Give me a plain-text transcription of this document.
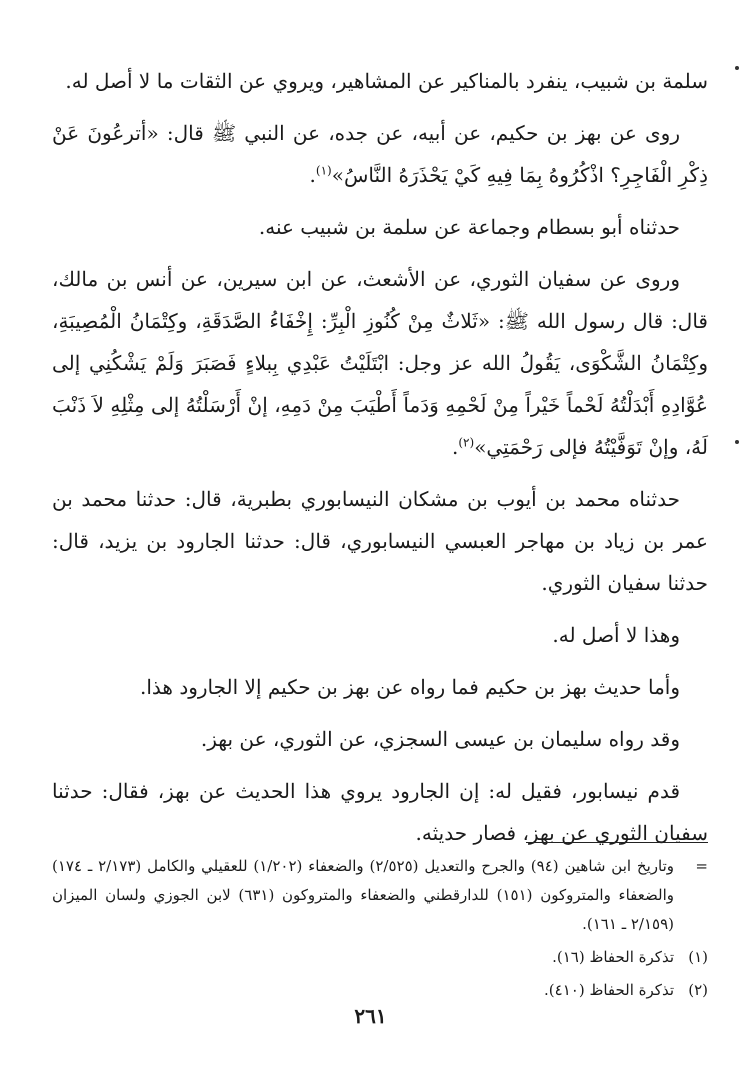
سلمة بن شبيب، ينفرد بالمناكير عن المشاهير، ويروي عن الثقات ما لا أصل له.

روى عن بهز بن حكيم، عن أبيه، عن جده، عن النبي ﷺ قال: «أترعُونَ عَنْ ذِكْرِ الْفَاجِرِ؟ اذْكُرُوهُ بِمَا فِيهِ كَيْ يَحْذَرَهُ النَّاسُ»$^{(١)}$.

حدثناه أبو بسطام وجماعة عن سلمة بن شبيب عنه.

وروى عن سفيان الثوري، عن الأشعث، عن ابن سيرين، عن أنس بن مالك، قال: قال رسول الله ﷺ: «ثَلاثٌ مِنْ كُنُوزِ الْبِرِّ: إِخْفَاءُ الصَّدَقَةِ، وكِتْمَانُ الْمُصِيبَةِ، وكِتْمَانُ الشَّكْوَى، يَقُولُ الله عز وجل: ابْتَلَيْتُ عَبْدِي بِبلاءٍ فَصَبَرَ وَلَمْ يَشْكُنِي إلى عُوَّادِهِ أَبْدَلْتُهُ لَحْماً خَيْراً مِنْ لَحْمِهِ وَدَماً أَطْيَبَ مِنْ دَمِهِ، إنْ أَرْسَلْتُهُ إلى مِثْلِهِ لاَ ذَنْبَ لَهُ، وإنْ تَوَفَّيْتُهُ فإلى رَحْمَتِي»$^{(٢)}$.

حدثناه محمد بن أيوب بن مشكان النيسابوري بطبرية، قال: حدثنا محمد بن عمر بن زياد بن مهاجر العبسي النيسابوري، قال: حدثنا الجارود بن يزيد، قال: حدثنا سفيان الثوري.

وهذا لا أصل له.

وأما حديث بهز بن حكيم فما رواه عن بهز بن حكيم إلا الجارود هذا.

وقد رواه سليمان بن عيسى السجزي، عن الثوري، عن بهز.

قدم نيسابور، فقيل له: إن الجارود يروي هذا الحديث عن بهز، فقال: حدثنا سفيان الثوري عن بهز، فصار حديثه.

=
وتاريخ ابن شاهين (٩٤) والجرح والتعديل (٢/٥٢٥) والضعفاء (١/٢٠٢) للعقيلي والكامل (٢/١٧٣ ـ ١٧٤) والضعفاء والمتروكون (١٥١) للدارقطني والضعفاء والمتروكون (٦٣١) لابن الجوزي ولسان الميزان (٢/١٥٩ ـ ١٦١).
(١)
تذكرة الحفاظ (١٦).
(٢)
تذكرة الحفاظ (٤١٠).
٢٦١
